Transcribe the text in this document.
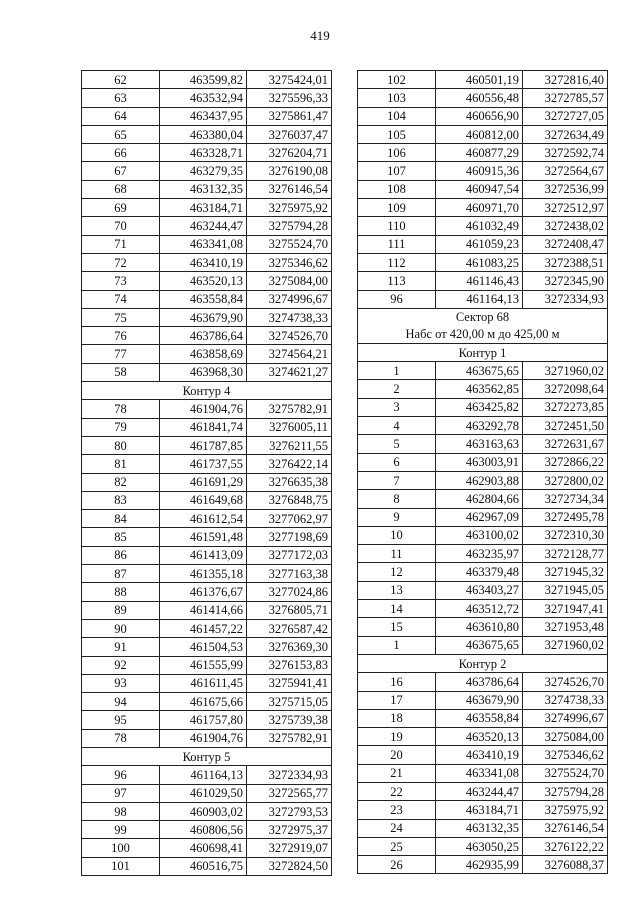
419
62	463599,82	3275424,01
63	463532,94	3275596,33
64	463437,95	3275861,47
65	463380,04	3276037,47
66	463328,71	3276204,71
67	463279,35	3276190,08
68	463132,35	3276146,54
69	463184,71	3275975,92
70	463244,47	3275794,28
71	463341,08	3275524,70
72	463410,19	3275346,62
73	463520,13	3275084,00
74	463558,84	3274996,67
75	463679,90	3274738,33
76	463786,64	3274526,70
77	463858,69	3274564,21
58	463968,30	3274621,27
Контур 4		
78	461904,76	3275782,91
79	461841,74	3276005,11
80	461787,85	3276211,55
81	461737,55	3276422,14
82	461691,29	3276635,38
83	461649,68	3276848,75
84	461612,54	3277062,97
85	461591,48	3277198,69
86	461413,09	3277172,03
87	461355,18	3277163,38
88	461376,67	3277024,86
89	461414,66	3276805,71
90	461457,22	3276587,42
91	461504,53	3276369,30
92	461555,99	3276153,83
93	461611,45	3275941,41
94	461675,66	3275715,05
95	461757,80	3275739,38
78	461904,76	3275782,91
Контур 5		
96	461164,13	3272334,93
97	461029,50	3272565,77
98	460903,02	3272793,53
99	460806,56	3272975,37
100	460698,41	3272919,07
101	460516,75	3272824,50
102	460501,19	3272816,40
103	460556,48	3272785,57
104	460656,90	3272727,05
105	460812,00	3272634,49
106	460877,29	3272592,74
107	460915,36	3272564,67
108	460947,54	3272536,99
109	460971,70	3272512,97
110	461032,49	3272438,02
111	461059,23	3272408,47
112	461083,25	3272388,51
113	461146,43	3272345,90
96	461164,13	3272334,93

Сектор 68
Набс от 420,00 м до 425,00 м		

Контур 1		
1	463675,65	3271960,02
2	463562,85	3272098,64
3	463425,82	3272273,85
4	463292,78	3272451,50
5	463163,63	3272631,67
6	463003,91	3272866,22
7	462903,88	3272800,02
8	462804,66	3272734,34
9	462967,09	3272495,78
10	463100,02	3272310,30
11	463235,97	3272128,77
12	463379,48	3271945,32
13	463403,27	3271945,05
14	463512,72	3271947,41
15	463610,80	3271953,48
1	463675,65	3271960,02
Контур 2		
16	463786,64	3274526,70
17	463679,90	3274738,33
18	463558,84	3274996,67
19	463520,13	3275084,00
20	463410,19	3275346,62
21	463341,08	3275524,70
22	463244,47	3275794,28
23	463184,71	3275975,92
24	463132,35	3276146,54
25	463050,25	3276122,22
26	462935,99	3276088,37
